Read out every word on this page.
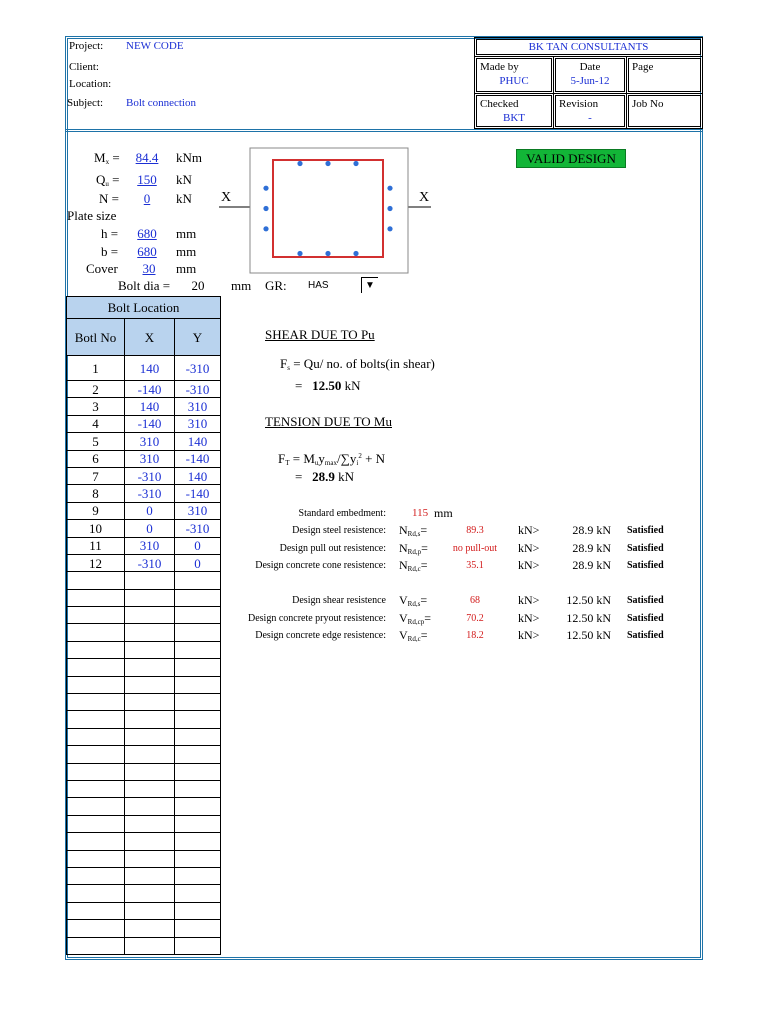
Project: NEW CODE
Client:
Location:
Subject: Bolt connection
BK TAN CONSULTANTS
Made by
PHUC
Date
5-Jun-12
Page
Checked
BKT
Revision
-
Job No
$M_x = 84.4$ kNm
$Q_u$ =	150	kN
N =	0	kN
Plate size
h =	680	mm
b =	680	mm
Cover	30	mm
Bolt dia =	20	mm GR: HAS	▼
X	X
VALID DESIGN
Bolt Location		
Botl No	X	Y
1	140	-310
2	-140	-310
3	140	310
4	-140	310
5	310	140
6	310	-140
7	-310	140
8	-310	-140
9	0	310
10	0	-310
11	310	0
12	-310	0

SHEAR DUE TO Pu
$F_s = Qu/$ no. of bolts(in shear)
= 12.50 kN
TENSION DUE TO Mu
$F_T = M_uy_{max}/\sum y_i^2 + N$
= 28.9 kN
Standard embedment: 115 mm
Design steel resistence: $N_{Rd,s}=$	89.3	kN>	28.9 kN Satisfied
Design pull out resistence: $N_{Rd,p}=$	no pull-out	kN>	28.9 kN Satisfied
Design concrete cone resistence: $N_{Rd,c}=$	35.1	kN>	28.9 kN Satisfied
Design shear resistence $V_{Rd,s}=$	68	kN>	12.50 kN Satisfied
Design concrete pryout resistence: $V_{Rd,cp}=$	70.2	kN>	12.50 kN Satisfied
Design concrete edge resistence: $V_{Rd,c}=$	18.2	kN>	12.50 kN Satisfied
